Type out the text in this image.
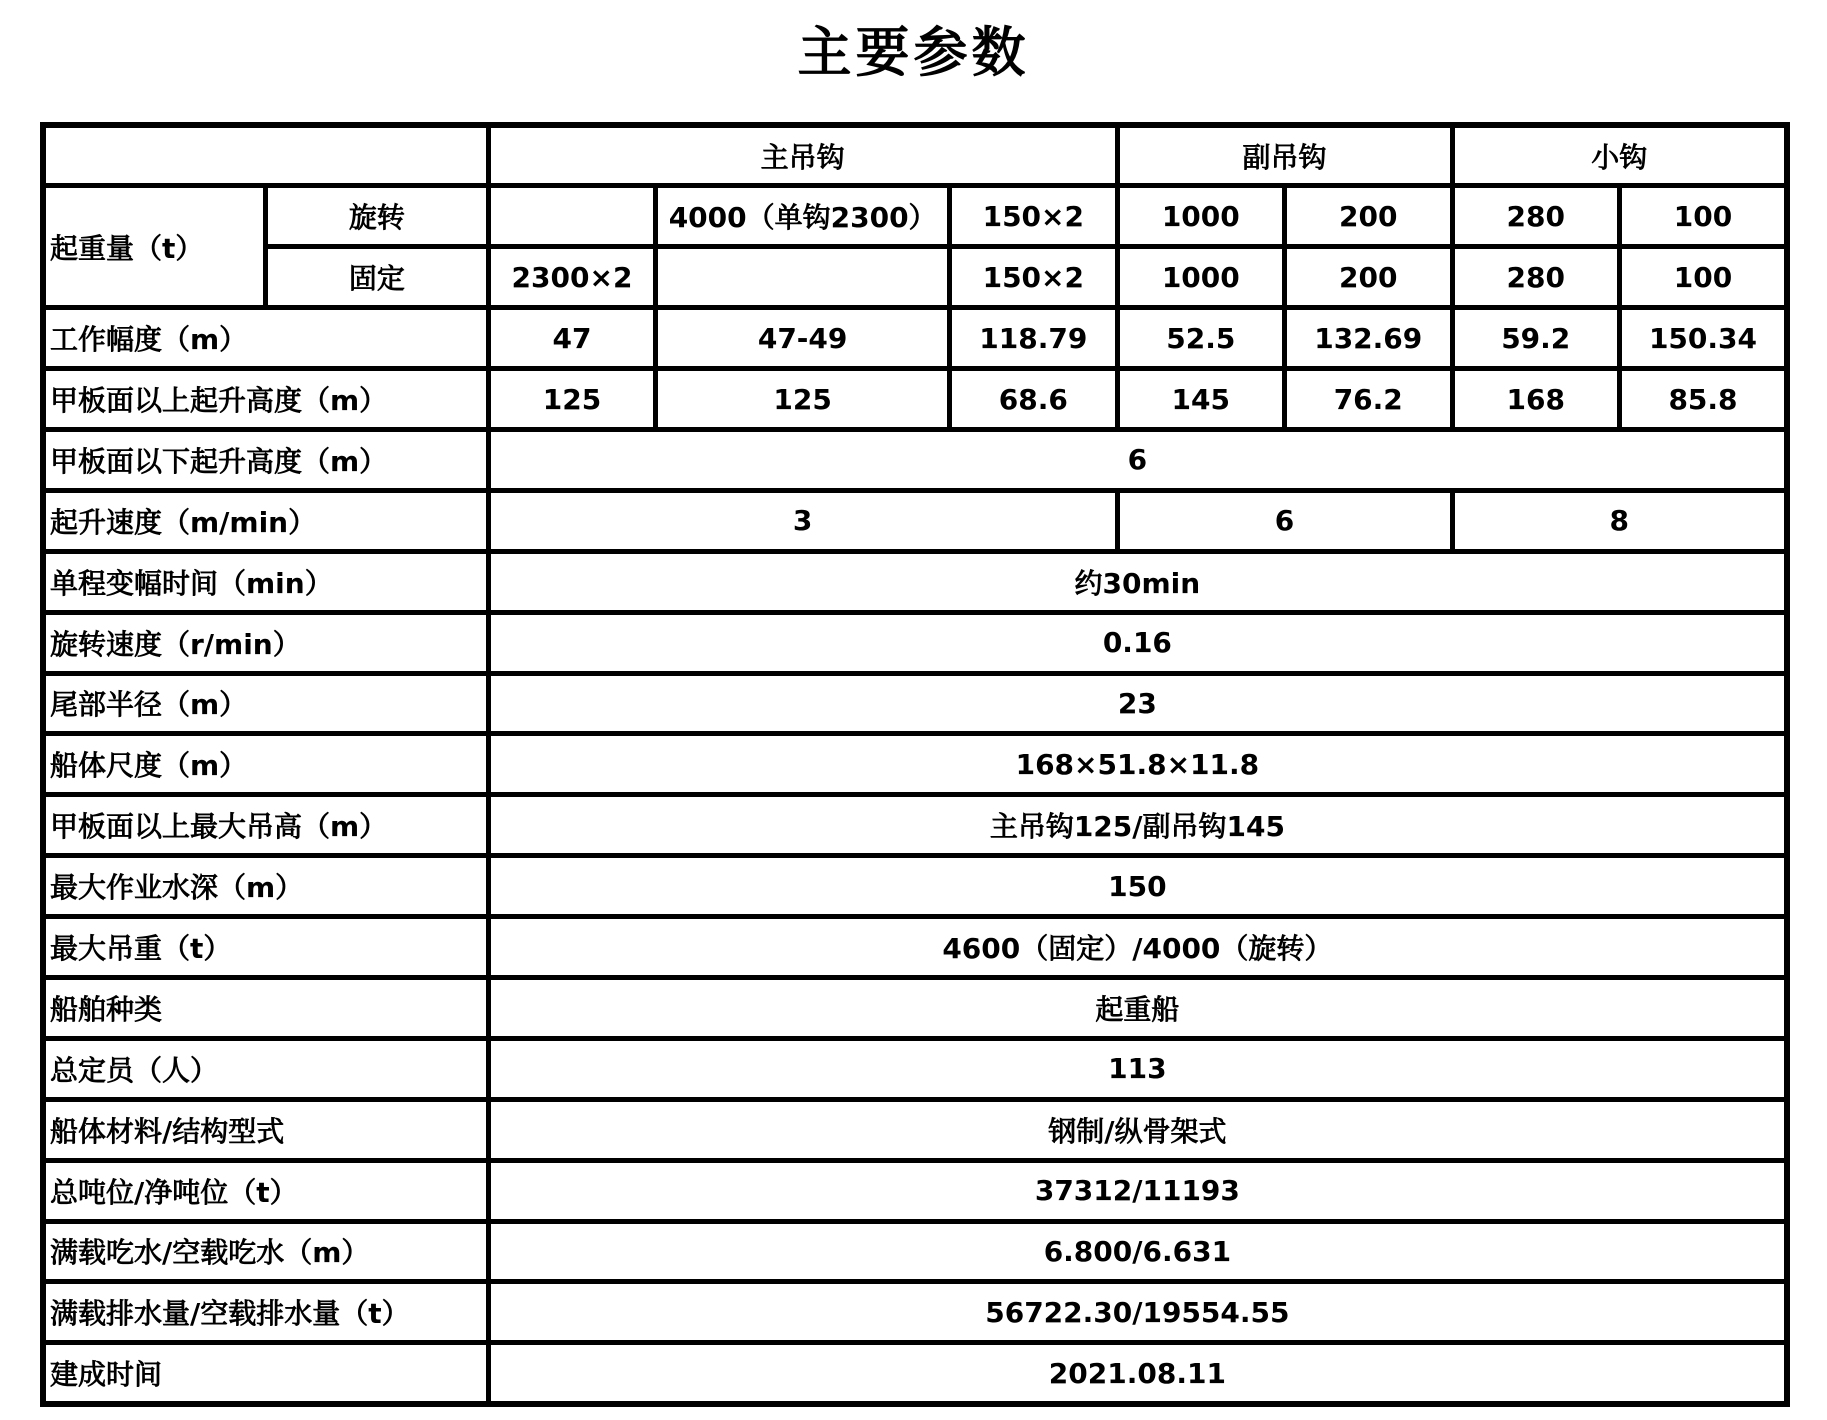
主要参数
		主吊钩			副吊钩		小钩	
起重量（t）	旋转		4000（单钩2300）	150×2	1000	200	280	100
	固定	2300×2		150×2	1000	200	280	100
工作幅度（m）		47	47-49	118.79	52.5	132.69	59.2	150.34
甲板面以上起升高度（m）		125	125	68.6	145	76.2	168	85.8
甲板面以下起升高度（m）		6						
起升速度（m/min）		3			6		8	
单程变幅时间（min）		约30min						
旋转速度（r/min）		0.16						
尾部半径（m）		23						
船体尺度（m）		168×51.8×11.8						
甲板面以上最大吊高（m）		主吊钩125/副吊钩145						
最大作业水深（m）		150						
最大吊重（t）		4600（固定）/4000（旋转）						
船舶种类		起重船						
总定员（人）		113						
船体材料/结构型式		钢制/纵骨架式						
总吨位/净吨位（t）		37312/11193						
满载吃水/空载吃水（m）		6.800/6.631						
满载排水量/空载排水量（t）		56722.30/19554.55						
建成时间		2021.08.11						
